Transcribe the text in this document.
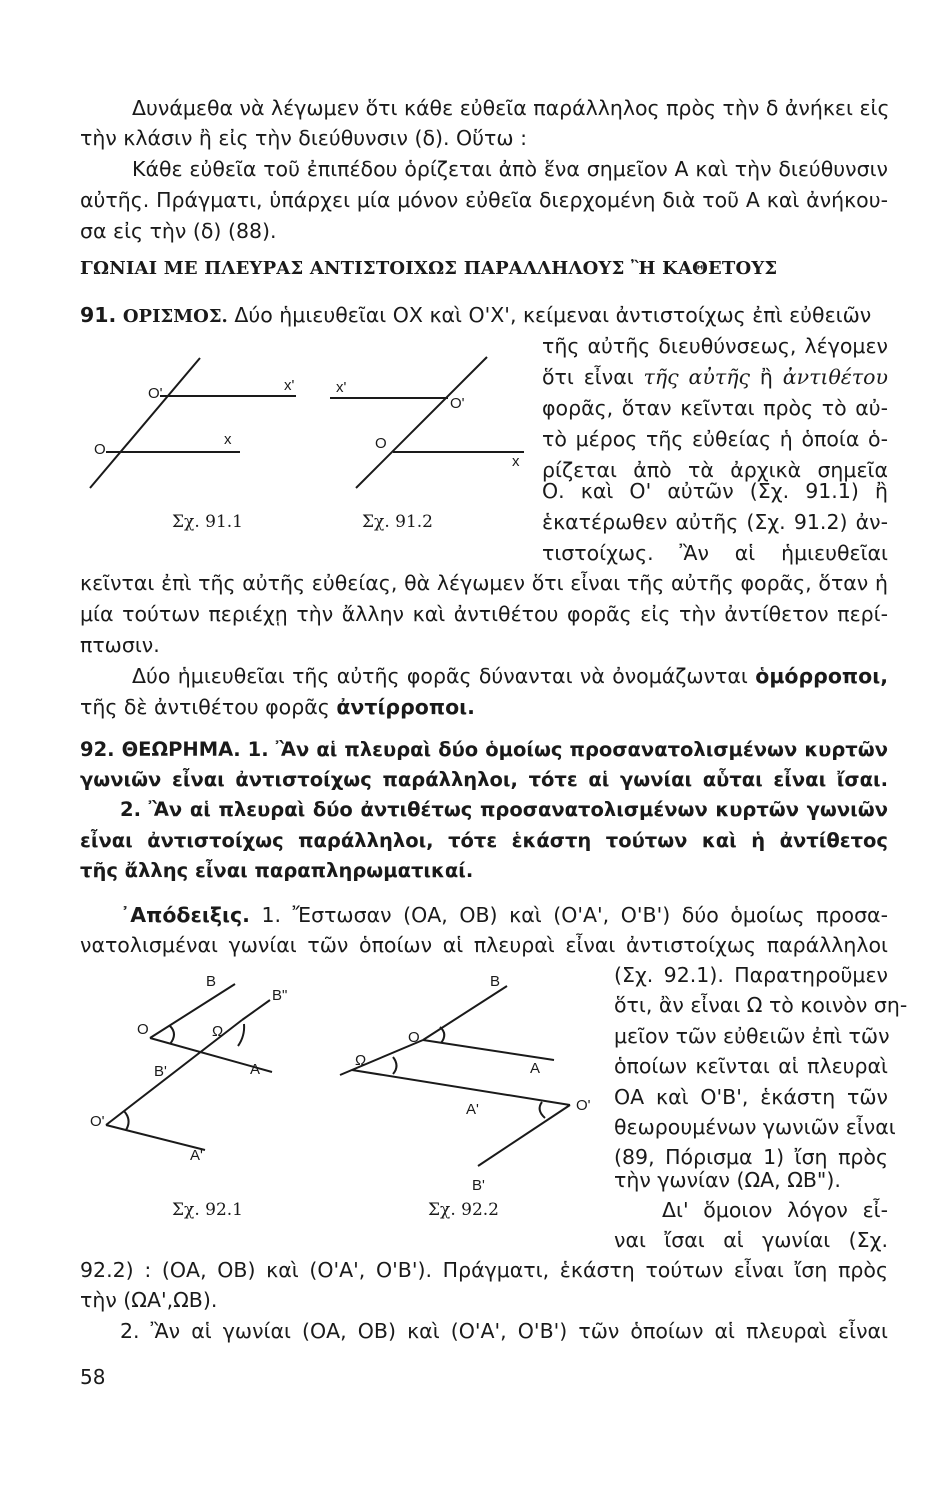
Δυνάμεθα νὰ λέγωμεν ὅτι κάθε εὐθεῖα παράλληλος πρὸς τὴν δ ἀνήκει εἰς
τὴν κλάσιν ἢ εἰς τὴν διεύθυνσιν (δ). Οὕτω :
Κάθε εὐθεῖα τοῦ ἐπιπέδου ὁρίζεται ἀπὸ ἕνα σημεῖον Α καὶ τὴν διεύθυνσιν
αὐτῆς. Πράγματι, ὑπάρχει μία μόνον εὐθεῖα διερχομένη διὰ τοῦ Α καὶ ἀνήκου-
σα εἰς τὴν (δ) (88).
ΓΩΝΙΑΙ ΜΕ ΠΛΕΥΡΑΣ ΑΝΤΙΣΤΟΙΧΩΣ ΠΑΡΑΛΛΗΛΟΥΣ Ἢ ΚΑΘΕΤΟΥΣ
91. ΟΡΙΣΜΟΣ. Δύο ἡμιευθεῖαι ΟΧ καὶ Ο'Χ', κείμεναι ἀντιστοίχως ἐπὶ εὐθειῶν
τῆς αὐτῆς διευθύνσεως, λέγομεν
ὅτι εἶναι τῆς αὐτῆς ἢ ἀντιθέτου
φορᾶς, ὅταν κεῖνται πρὸς τὸ αὐ-
τὸ μέρος τῆς εὐθείας ἡ ὁποία ὁ-
ρίζεται ἀπὸ τὰ ἀρχικὰ σημεῖα
Ο. καὶ Ο' αὐτῶν (Σχ. 91.1) ἢ
ἑκατέρωθεν αὐτῆς (Σχ. 91.2) ἀν-
τιστοίχως. Ἂν αἱ ἡμιευθεῖαι
κεῖνται ἐπὶ τῆς αὐτῆς εὐθείας, θὰ λέγωμεν ὅτι εἶναι τῆς αὐτῆς φορᾶς, ὅταν ἡ
μία τούτων περιέχῃ τὴν ἄλλην καὶ ἀντιθέτου φορᾶς εἰς τὴν ἀντίθετον περί-
πτωσιν.
Δύο ἡμιευθεῖαι τῆς αὐτῆς φορᾶς δύνανται νὰ ὀνομάζωνται ὁμόρροποι,
τῆς δὲ ἀντιθέτου φορᾶς ἀντίρροποι.
O'	x'
O
x
x'
O'
O
x
B
B"
O	Ω
B'	A
O'
A'
B
O
Ω	A
A'	O'
B'
Σχ. 91.1	Σχ. 91.2
92. ΘΕΩΡΗΜΑ. 1. Ἂν αἱ πλευραὶ δύο ὁμοίως προσανατολισμένων κυρτῶν
γωνιῶν εἶναι ἀντιστοίχως παράλληλοι, τότε αἱ γωνίαι αὗται εἶναι ἴσαι.
2. Ἂν αἱ πλευραὶ δύο ἀντιθέτως προσανατολισμένων κυρτῶν γωνιῶν
εἶναι ἀντιστοίχως παράλληλοι, τότε ἑκάστη τούτων καὶ ἡ ἀντίθετος
τῆς ἄλλης εἶναι παραπληρωματικαί.
᾿Απόδειξις. 1. Ἔστωσαν (ΟΑ, ΟΒ) καὶ (Ο'Α', Ο'Β') δύο ὁμοίως προσα-
νατολισμέναι γωνίαι τῶν ὁποίων αἱ πλευραὶ εἶναι ἀντιστοίχως παράλληλοι
(Σχ. 92.1). Παρατηροῦμεν
ὅτι, ἂν εἶναι Ω τὸ κοινὸν ση-
μεῖον τῶν εὐθειῶν ἐπὶ τῶν
ὁποίων κεῖνται αἱ πλευραὶ
ΟΑ καὶ Ο'Β', ἑκάστη τῶν
θεωρουμένων γωνιῶν εἶναι
(89, Πόρισμα 1) ἴση πρὸς
τὴν γωνίαν (ΩΑ, ΩΒ").
Δι' ὅμοιον λόγον εἶ-
ναι ἴσαι αἱ γωνίαι (Σχ.
Σχ. 92.1	Σχ. 92.2
92.2) : (ΟΑ, ΟΒ) καὶ (Ο'Α', Ο'Β'). Πράγματι, ἑκάστη τούτων εἶναι ἴση πρὸς
τὴν (ΩΑ',ΩΒ).
2. Ἂν αἱ γωνίαι (ΟΑ, ΟΒ) καὶ (Ο'Α', Ο'Β') τῶν ὁποίων αἱ πλευραὶ εἶναι
58
